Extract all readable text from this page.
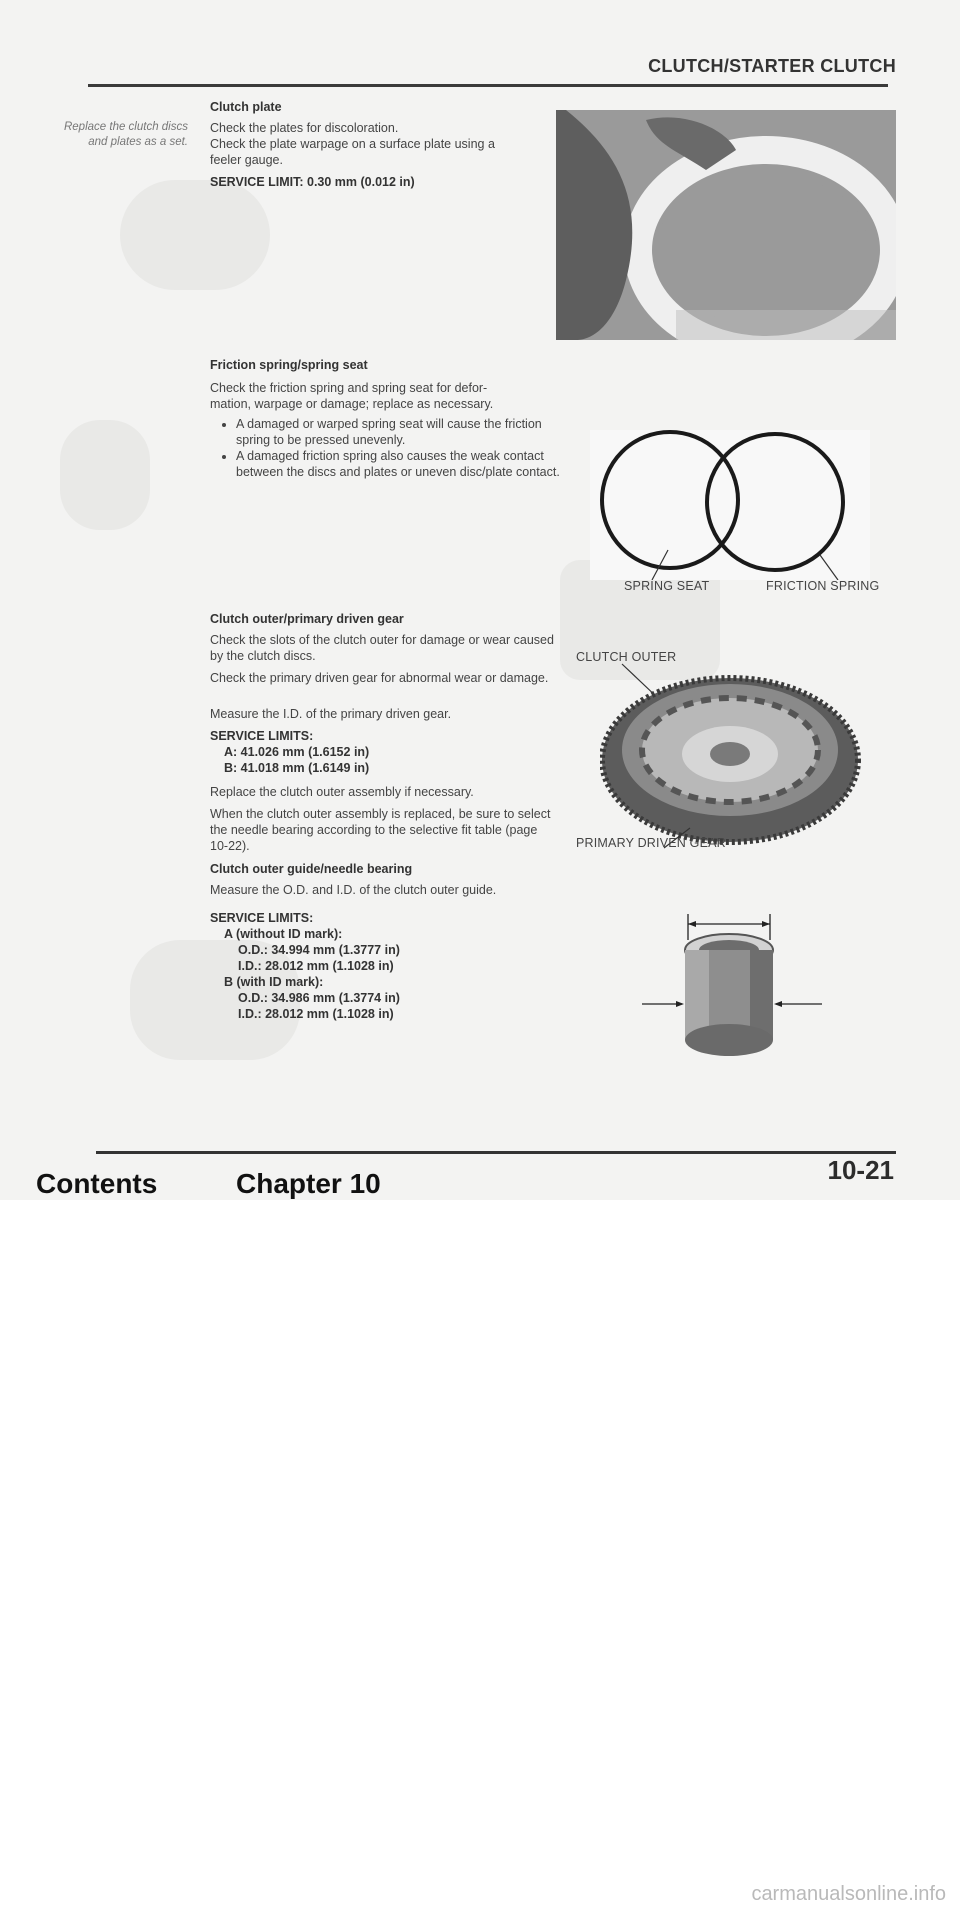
CLUTCH/STARTER CLUTCH
Replace the clutch discs and plates as a set.
Clutch plate
Check the plates for discoloration.
Check the plate warpage on a surface plate using a
feeler gauge.
SERVICE LIMIT: 0.30 mm (0.012 in)
Friction spring/spring seat
Check the friction spring and spring seat for defor-
mation, warpage or damage; replace as necessary.
• A damaged or warped spring seat will cause the friction spring to be pressed unevenly.
• A damaged friction spring also causes the weak contact between the discs and plates or uneven disc/plate contact.
SPRING SEAT	FRICTION SPRING
Clutch outer/primary driven gear
Check the slots of the clutch outer for damage or wear caused by the clutch discs.
Check the primary driven gear for abnormal wear or damage.
Measure the I.D. of the primary driven gear.
SERVICE LIMITS:
A: 41.026 mm (1.6152 in)
B: 41.018 mm (1.6149 in)
Replace the clutch outer assembly if necessary.
When the clutch outer assembly is replaced, be sure to select the needle bearing according to the selective fit table (page 10-22).
CLUTCH OUTER
PRIMARY DRIVEN GEAR
Clutch outer guide/needle bearing
Measure the O.D. and I.D. of the clutch outer guide.
SERVICE LIMITS:
A (without ID mark):
O.D.: 34.994 mm (1.3777 in)
I.D.: 28.012 mm (1.1028 in)
B (with ID mark):
O.D.: 34.986 mm (1.3774 in)
I.D.: 28.012 mm (1.1028 in)
10-21
Contents	Chapter 10
carmanualsonline.info
